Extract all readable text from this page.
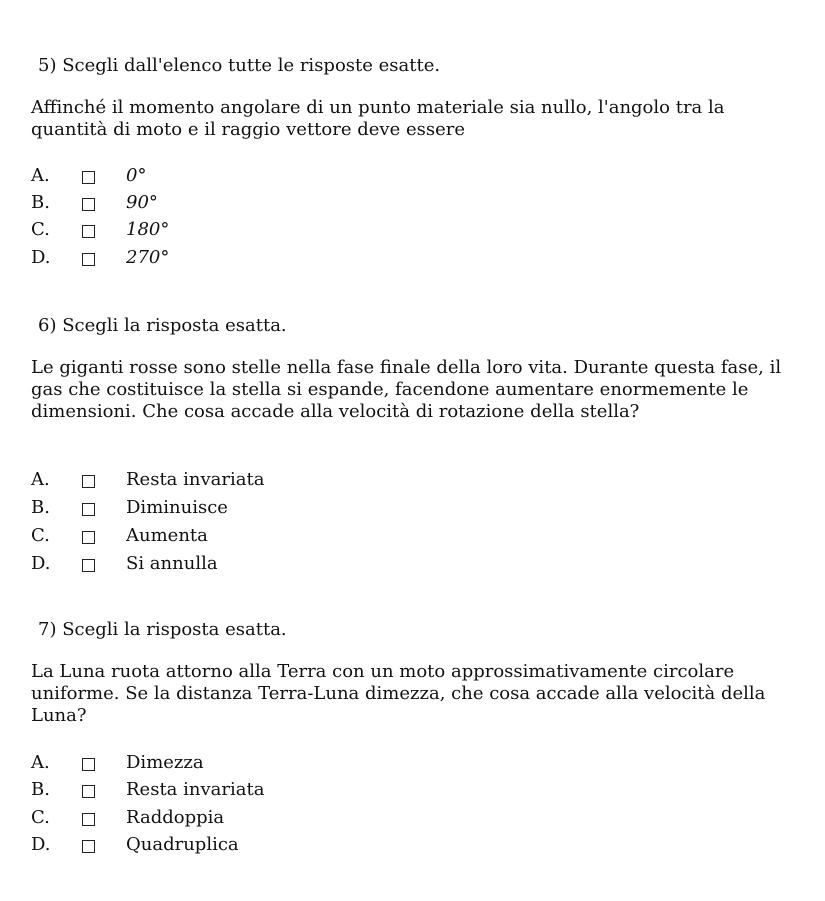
5) Scegli dall'elenco tutte le risposte esatte.
Affinché il momento angolare di un punto materiale sia nullo, l'angolo tra la quantità di moto e il raggio vettore deve essere
A.	0°
B.	90°
C.	180°
D.	270°
6) Scegli la risposta esatta.
Le giganti rosse sono stelle nella fase finale della loro vita. Durante questa fase, il gas che costituisce la stella si espande, facendone aumentare enormemente le dimensioni. Che cosa accade alla velocità di rotazione della stella?
A.	Resta invariata
B.	Diminuisce
C.	Aumenta
D.	Si annulla
7) Scegli la risposta esatta.
La Luna ruota attorno alla Terra con un moto approssimativamente circolare uniforme. Se la distanza Terra-Luna dimezza, che cosa accade alla velocità della Luna?
A.	Dimezza
B.	Resta invariata
C.	Raddoppia
D.	Quadruplica
